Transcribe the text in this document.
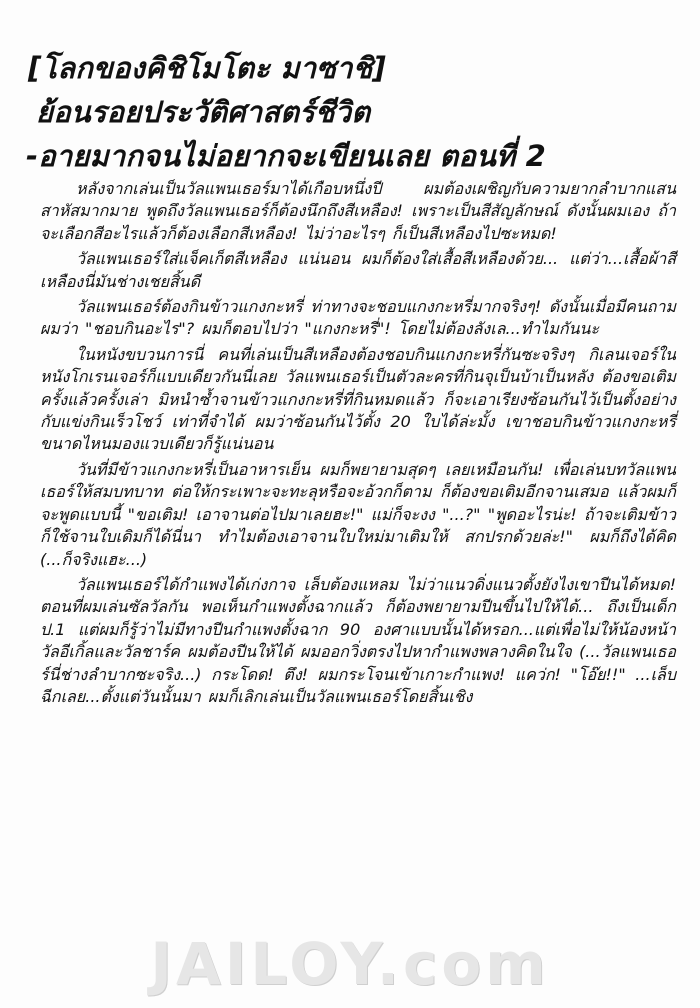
[โลกของคิชิโมโตะ มาซาชิ]
ย้อนรอยประวัติศาสตร์ชีวิต
-อายมากจนไม่อยากจะเขียนเลย ตอนที่ 2

หลังจากเล่นเป็นวัลแพนเธอร์มาได้เกือบหนึ่งปี ผมต้องเผชิญกับความยากลำบากแสนสาหัสมากมาย พูดถึงวัลแพนเธอร์ก็ต้องนึกถึงสีเหลือง! เพราะเป็นสีสัญลักษณ์ ดังนั้นผมเอง ถ้าจะเลือกสีอะไรแล้วก็ต้องเลือกสีเหลือง! ไม่ว่าอะไรๆ ก็เป็นสีเหลืองไปซะหมด!

วัลแพนเธอร์ใส่แจ็คเก็ตสีเหลือง แน่นอน ผมก็ต้องใส่เสื้อสีเหลืองด้วย... แต่ว่า...เสื้อผ้าสีเหลืองนี่มันช่างเชยสิ้นดี

วัลแพนเธอร์ต้องกินข้าวแกงกะหรี่ ท่าทางจะชอบแกงกะหรี่มากจริงๆ! ดังนั้นเมื่อมีคนถามผมว่า "ชอบกินอะไร"? ผมก็ตอบไปว่า "แกงกะหรี่"! โดยไม่ต้องลังเล...ทำไมกันนะ

ในหนังขบวนการนี่ คนที่เล่นเป็นสีเหลืองต้องชอบกินแกงกะหรี่กันซะจริงๆ กิเลนเจอร์ในหนังโกเรนเจอร์ก็แบบเดียวกันนี่เลย วัลแพนเธอร์เป็นตัวละครที่กินจุเป็นบ้าเป็นหลัง ต้องขอเติมครั้งแล้วครั้งเล่า มิหนำซ้ำจานข้าวแกงกะหรี่ที่กินหมดแล้ว ก็จะเอาเรียงซ้อนกันไว้เป็นตั้งอย่างกับแข่งกินเร็วโชว์ เท่าที่จำได้ ผมว่าซ้อนกันไว้ตั้ง 20 ใบได้ล่ะมั้ง เขาชอบกินข้าวแกงกะหรี่ขนาดไหนมองแวบเดียวก็รู้แน่นอน

วันที่มีข้าวแกงกะหรี่เป็นอาหารเย็น ผมก็พยายามสุดๆ เลยเหมือนกัน! เพื่อเล่นบทวัลแพนเธอร์ให้สมบทบาท ต่อให้กระเพาะจะทะลุหรือจะอ้วกก็ตาม ก็ต้องขอเติมอีกจานเสมอ แล้วผมก็จะพูดแบบนี้ "ขอเติม! เอาจานต่อไปมาเลยฮะ!" แม่ก็จะงง "...?" "พูดอะไรน่ะ! ถ้าจะเติมข้าวก็ใช้จานใบเดิมก็ได้นี่นา ทำไมต้องเอาจานใบใหม่มาเติมให้ สกปรกด้วยล่ะ!" ผมก็ถึงได้คิด (...ก็จริงแฮะ...)

วัลแพนเธอร์ได้กำแพงได้เก่งกาจ เล็บต้องแหลม ไม่ว่าแนวดิ่งแนวตั้งยังไงเขาปีนได้หมด! ตอนที่ผมเล่นซัลวัลกัน พอเห็นกำแพงตั้งฉากแล้ว ก็ต้องพยายามปีนขึ้นไปให้ได้... ถึงเป็นเด็กป.1 แต่ผมก็รู้ว่าไม่มีทางปีนกำแพงตั้งฉาก 90 องศาแบบนั้นได้หรอก...แต่เพื่อไม่ให้น้องหน้าวัลอีเกิ้ลและวัลชาร์ค ผมต้องปีนให้ได้ ผมออกวิ่งตรงไปหากำแพงพลางคิดในใจ (...วัลแพนเธอร์นี่ช่างลำบากซะจริง...) กระโดด! ตึง! ผมกระโจนเข้าเกาะกำแพง! แคว่ก! "โอ๊ย!!" ...เล็บฉีกเลย...ตั้งแต่วันนั้นมา ผมก็เลิกเล่นเป็นวัลแพนเธอร์โดยสิ้นเชิง

JAILOY.com
